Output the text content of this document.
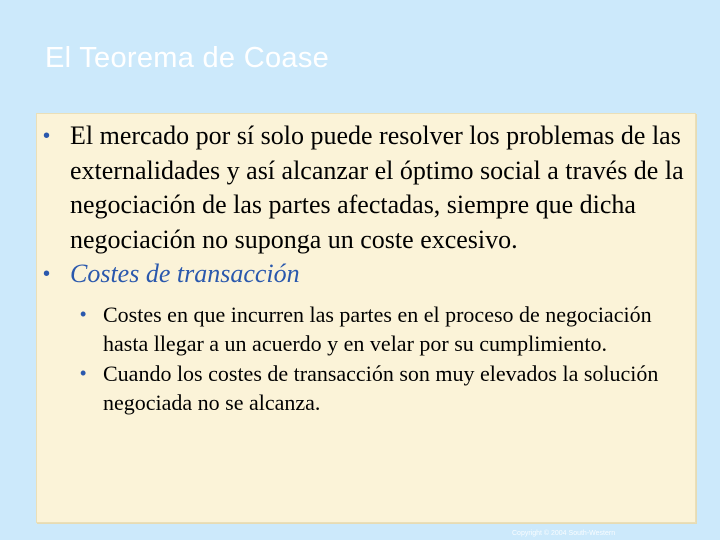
El Teorema de Coase
• El mercado por sí solo puede resolver los problemas de las externalidades y así alcanzar el óptimo social a través de la negociación de las partes afectadas, siempre que dicha negociación no suponga un coste excesivo.
• Costes de transacción
• Costes en que incurren las partes en el proceso de negociación hasta llegar a un acuerdo y en velar por su cumplimiento.
• Cuando los costes de transacción son muy elevados la solución negociada no se alcanza.
Copyright © 2004 South-Western
